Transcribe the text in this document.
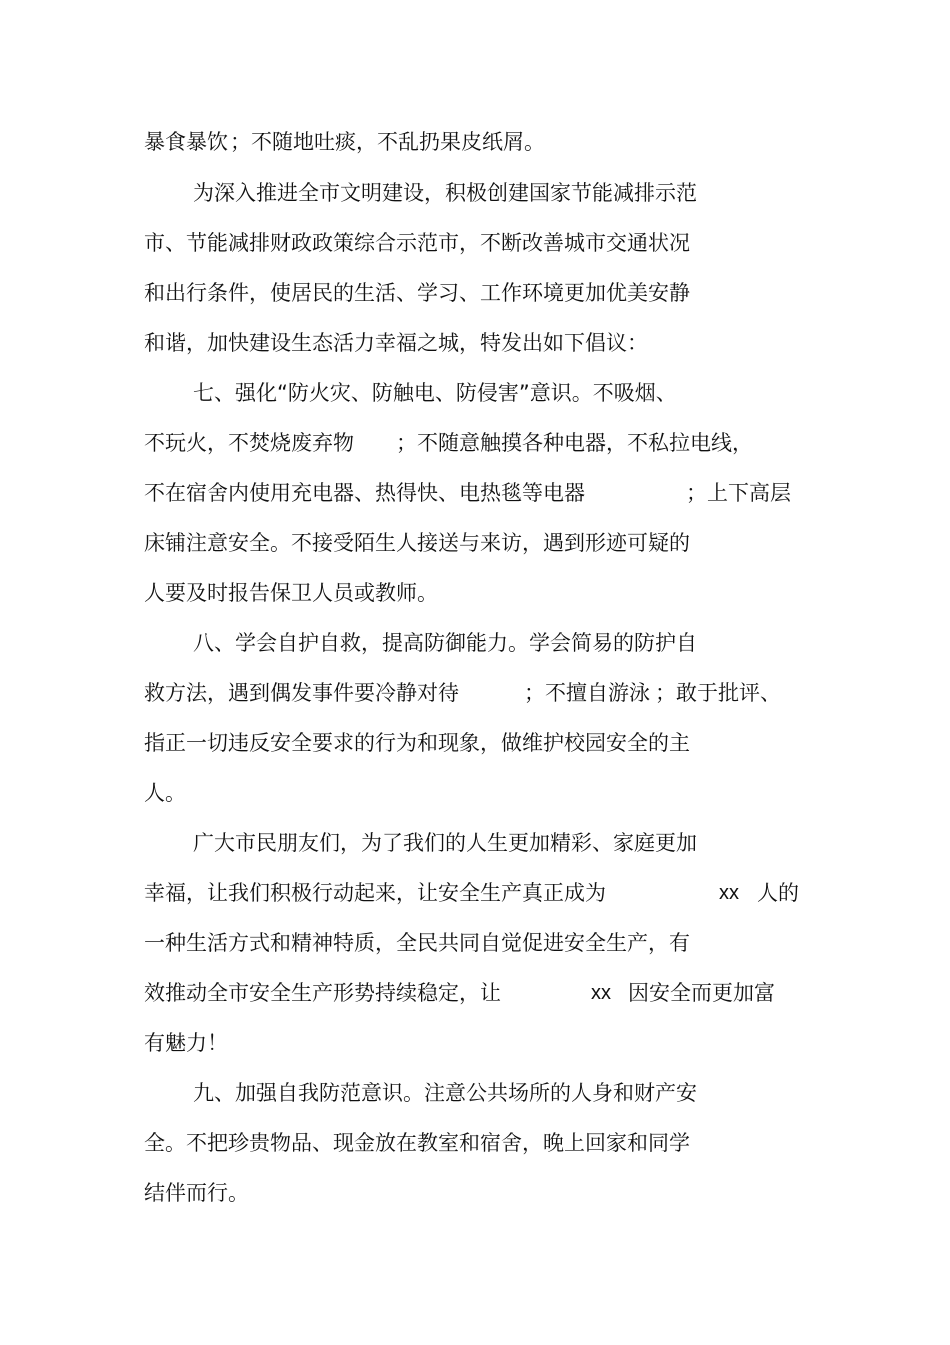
暴食暴饮

；不随地吐痰，不乱扔果皮纸屑。

为深入推进全市文明建设，积极创建国家节能减排示范

市、节能减排财政政策综合示范市，不断改善城市交通状况

和出行条件，使居民的生活、学习、工作环境更加优美安静

和谐，加快建设生态活力幸福之城，特发出如下倡议：

七、强化“防火灾、防触电、防侵害”意识。不吸烟、

不玩火，不焚烧废弃物

；不随意触摸各种电器，不私拉电线，

不在宿舍内使用充电器、热得快、电热毯等电器

	；上下高层

床铺注意安全。不接受陌生人接送与来访，遇到形迹可疑的

人要及时报告保卫人员或教师。

八、学会自护自救，提高防御能力。学会简易的防护自

救方法，遇到偶发事件要冷静对待

	；不擅自游泳

；敢于批评、

指正一切违反安全要求的行为和现象，做维护校园安全的主

人。

广大市民朋友们，为了我们的人生更加精彩、家庭更加

幸福，让我们积极行动起来，让安全生产真正成为

	xx

人的

一种生活方式和精神特质，全民共同自觉促进安全生产，有

效推动全市安全生产形势持续稳定，让

	xx

因安全而更加富

有魅力！

九、加强自我防范意识。注意公共场所的人身和财产安

全。不把珍贵物品、现金放在教室和宿舍，晚上回家和同学

结伴而行。
